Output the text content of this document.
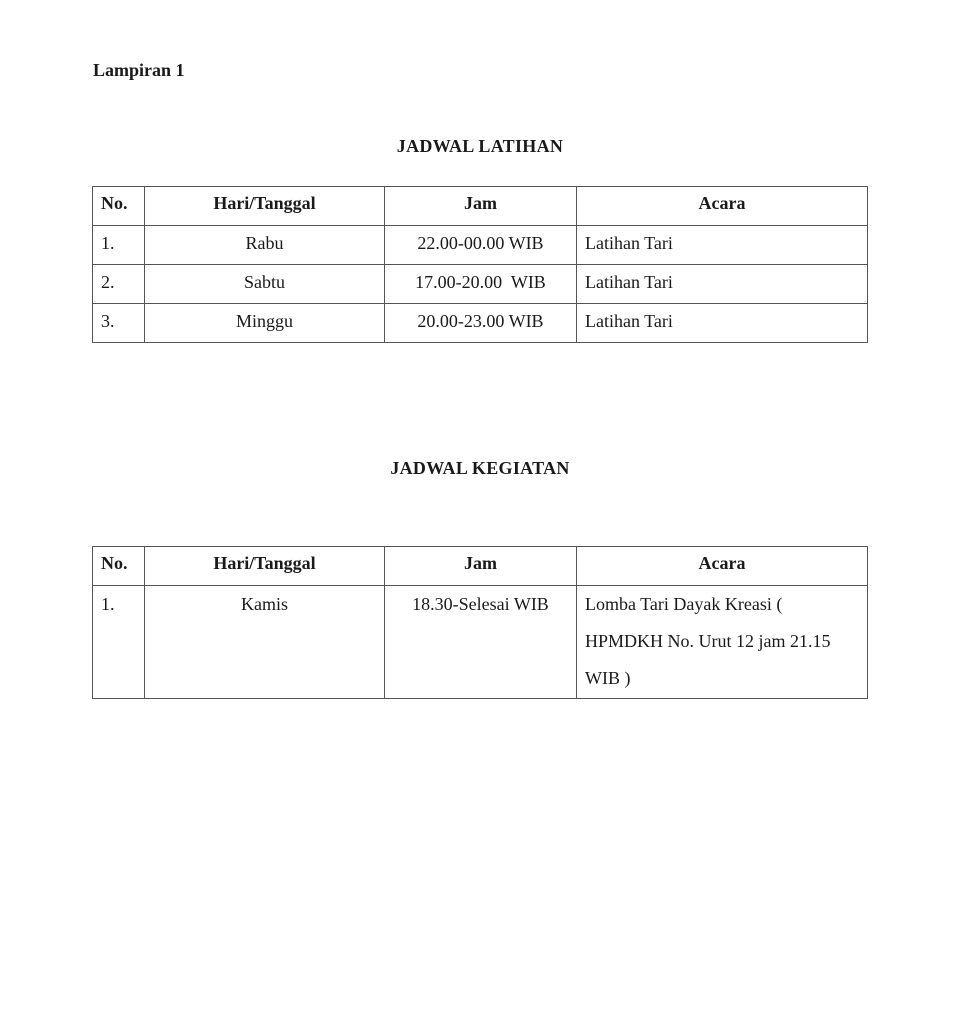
Lampiran 1

JADWAL LATIHAN
No.	Hari/Tanggal	Jam	Acara
1.	Rabu	22.00-00.00 WIB	Latihan Tari
2.	Sabtu	17.00-20.00  WIB	Latihan Tari
3.	Minggu	20.00-23.00 WIB	Latihan Tari
JADWAL KEGIATAN
No.	Hari/Tanggal	Jam	Acara
1.	Kamis	18.30-Selesai WIB	Lomba Tari Dayak Kreasi ( HPMDKH No. Urut 12 jam 21.15 WIB )
